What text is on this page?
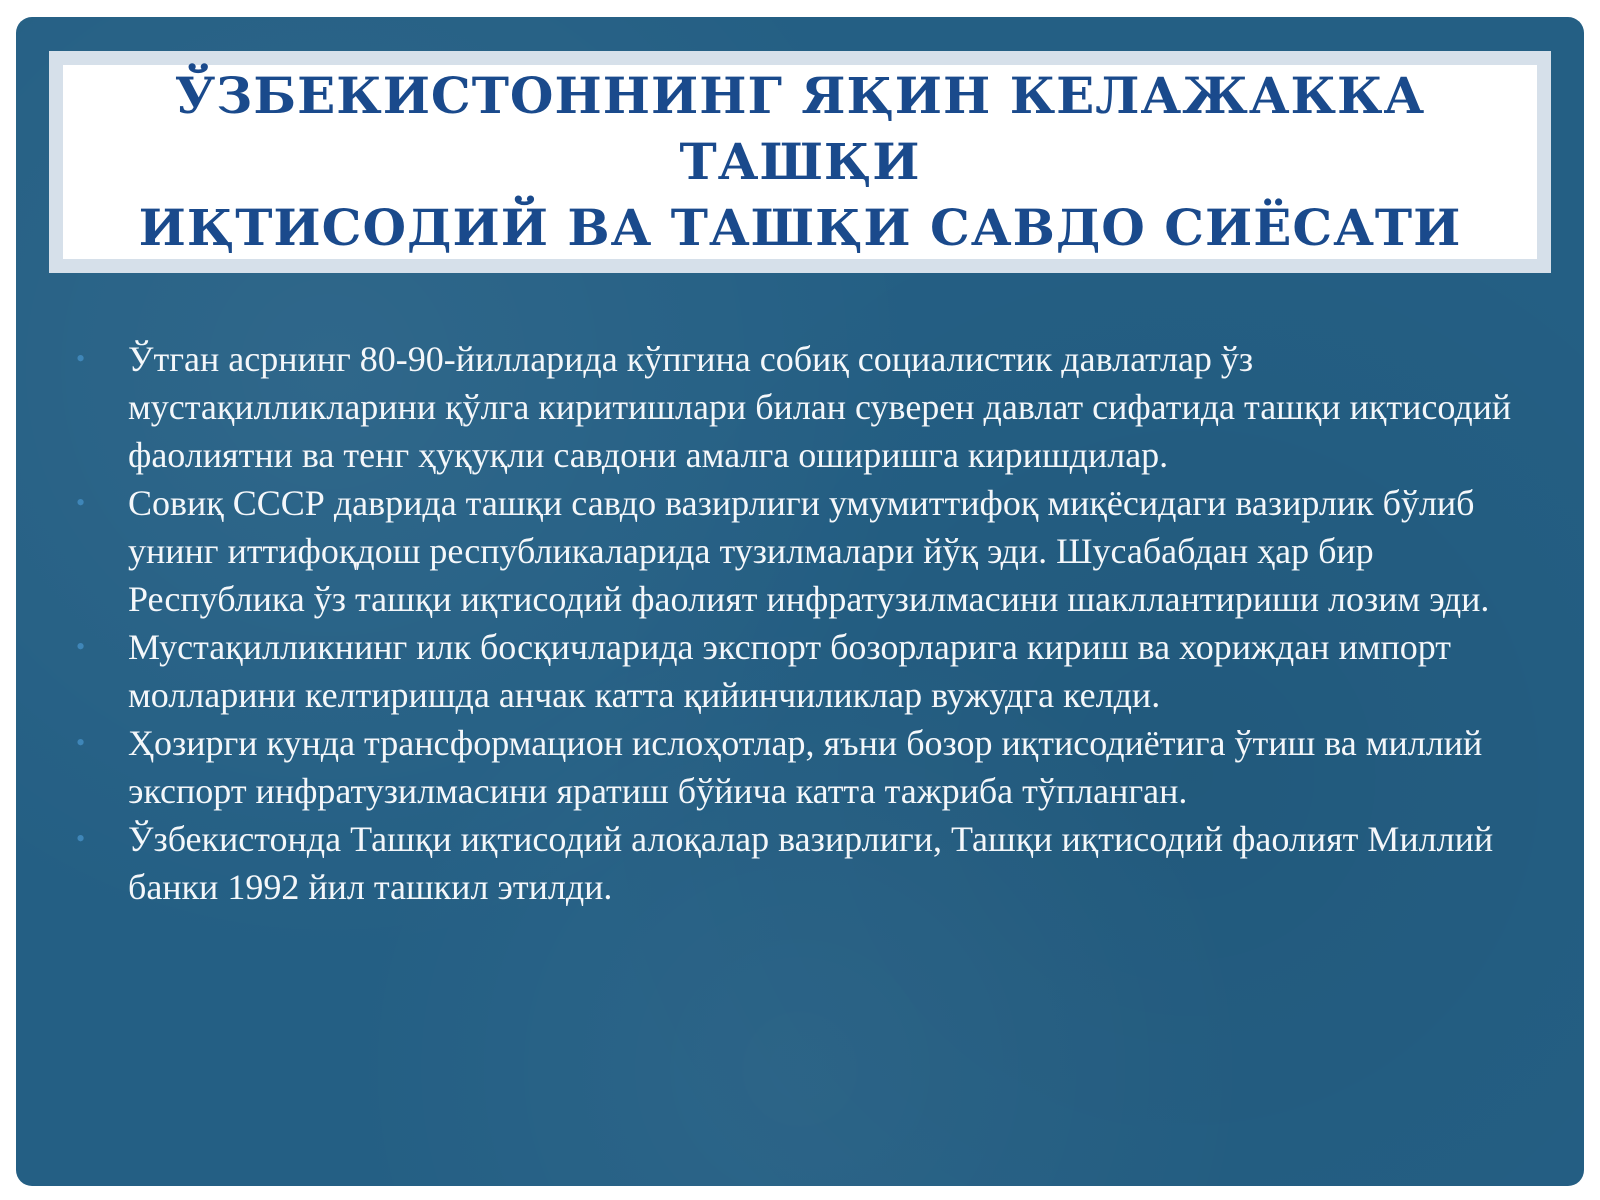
ЎЗБЕКИСТОННИНГ ЯҚИН КЕЛАЖАККА ТАШҚИ
ИҚТИСОДИЙ ВА ТАШҚИ САВДО СИЁСАТИ
• Ўтган асрнинг 80-90-йилларида кўпгина собиқ социалистик давлатлар ўз мустақилликларини қўлга киритишлари билан суверен давлат сифатида ташқи иқтисодий фаолиятни ва тенг ҳуқуқли савдони амалга оширишга киришдилар.
• Совиқ СССР даврида ташқи савдо вазирлиги умумиттифоқ миқёсидаги вазирлик бўлиб унинг иттифоқдош республикаларида тузилмалари йўқ эди. Шусабабдан ҳар бир Республика ўз ташқи иқтисодий фаолият инфратузилмасини шакллантириши лозим эди.
• Мустақилликнинг илк босқичларида экспорт бозорларига кириш ва хориждан импорт молларини келтиришда анчак катта қийинчиликлар вужудга келди.
• Ҳозирги кунда трансформацион ислоҳотлар, яъни бозор иқтисодиётига ўтиш ва миллий экспорт инфратузилмасини яратиш бўйича катта тажриба тўпланган.
• Ўзбекистонда Ташқи иқтисодий алоқалар вазирлиги, Ташқи иқтисодий фаолият Миллий банки 1992 йил ташкил этилди.
